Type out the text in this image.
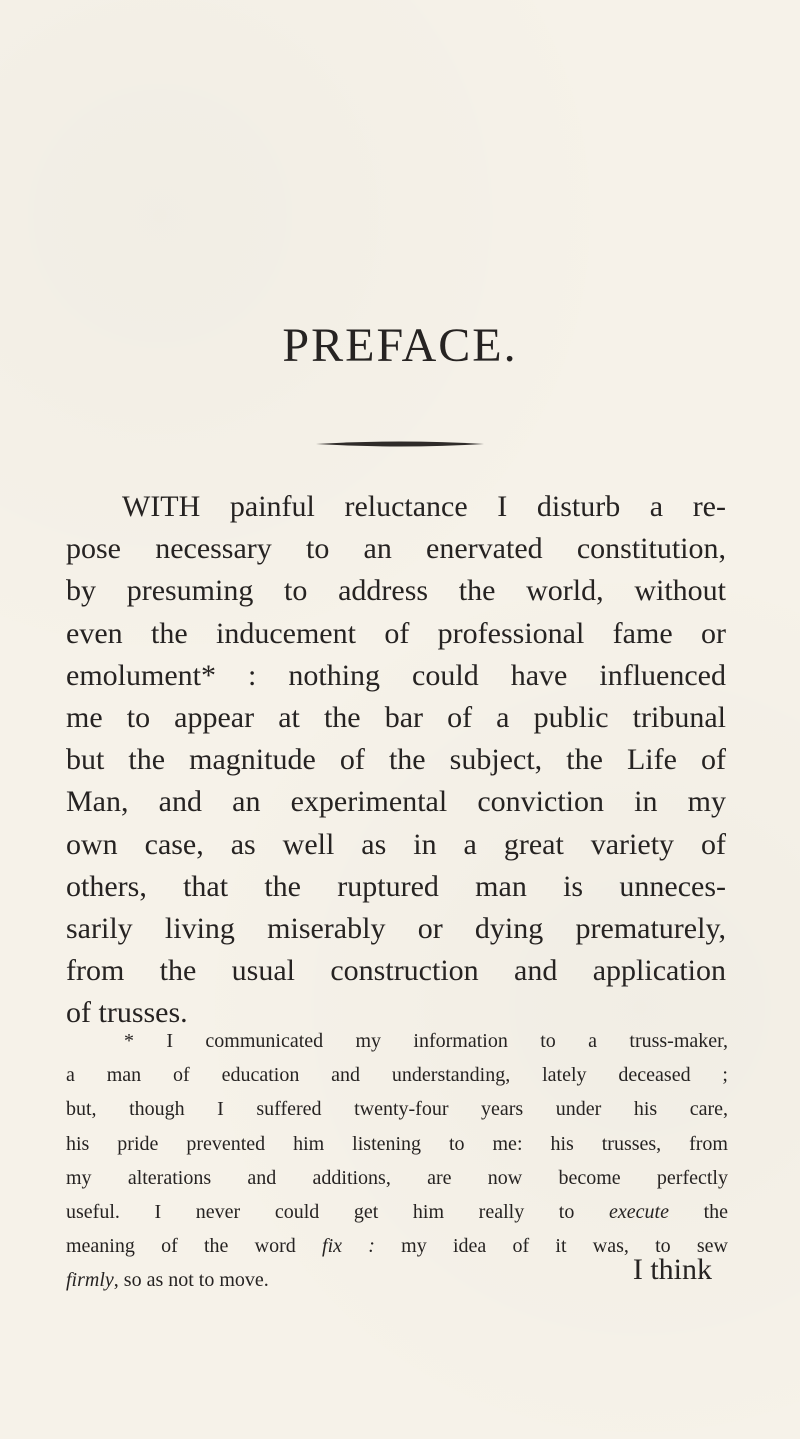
PREFACE.
WITH painful reluctance I disturb a re-
pose necessary to an enervated constitution,
by presuming to address the world, without
even the inducement of professional fame or
emolument* : nothing could have influenced
me to appear at the bar of a public tribunal
but the magnitude of the subject, the Life of
Man, and an experimental conviction in my
own case, as well as in a great variety of
others, that the ruptured man is unneces-
sarily living miserably or dying prematurely,
from the usual construction and application
of trusses.
* I communicated my information to a truss-maker,
a man of education and understanding, lately deceased ;
but, though I suffered twenty-four years under his care,
his pride prevented him listening to me: his trusses, from
my alterations and additions, are now become perfectly
useful. I never could get him really to execute the
meaning of the word fix : my idea of it was, to sew
firmly, so as not to move.	I think
